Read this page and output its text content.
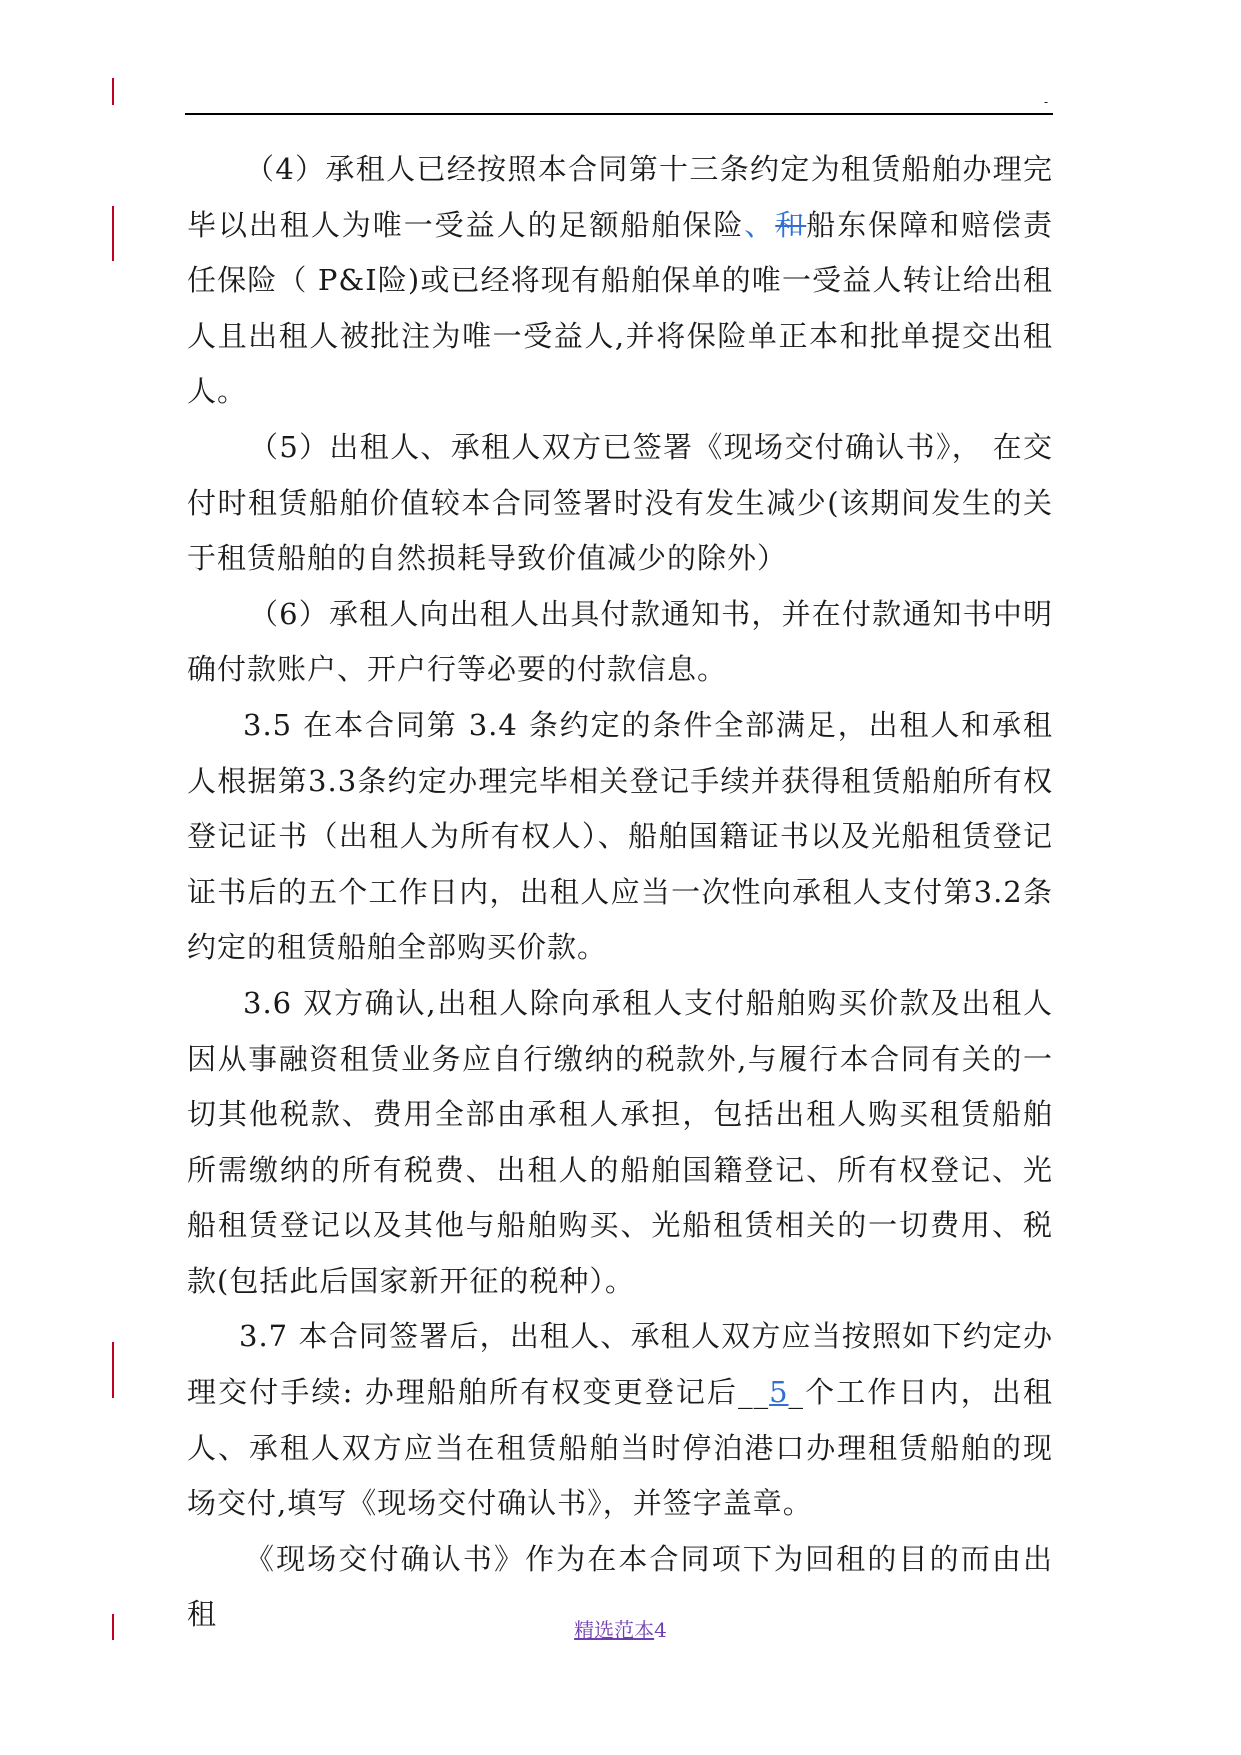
-

（4）承租人已经按照本合同第十三条约定为租赁船舶办理完毕以出租人为唯一受益人的足额船舶保险、和船东保障和赔偿责任保险（ P&I险)或已经将现有船舶保单的唯一受益人转让给出租人且出租人被批注为唯一受益人,并将保险单正本和批单提交出租人。

（5）出租人、承租人双方已签署《现场交付确认书》， 在交付时租赁船舶价值较本合同签署时没有发生减少(该期间发生的关于租赁船舶的自然损耗导致价值减少的除外）

（6）承租人向出租人出具付款通知书，并在付款通知书中明确付款账户、开户行等必要的付款信息。

3.5 在本合同第 3.4 条约定的条件全部满足，出租人和承租人根据第3.3条约定办理完毕相关登记手续并获得租赁船舶所有权登记证书（出租人为所有权人）、船舶国籍证书以及光船租赁登记证书后的五个工作日内，出租人应当一次性向承租人支付第3.2条约定的租赁船舶全部购买价款。

3.6 双方确认,出租人除向承租人支付船舶购买价款及出租人因从事融资租赁业务应自行缴纳的税款外,与履行本合同有关的一切其他税款、费用全部由承租人承担，包括出租人购买租赁船舶所需缴纳的所有税费、出租人的船舶国籍登记、所有权登记、光船租赁登记以及其他与船舶购买、光船租赁相关的一切费用、税款(包括此后国家新开征的税种）。

3.7 本合同签署后，出租人、承租人双方应当按照如下约定办理交付手续: 办理船舶所有权变更登记后__5_个工作日内，出租人、承租人双方应当在租赁船舶当时停泊港口办理租赁船舶的现场交付,填写《现场交付确认书》，并签字盖章。

《现场交付确认书》作为在本合同项下为回租的目的而由出租	精选范本4
